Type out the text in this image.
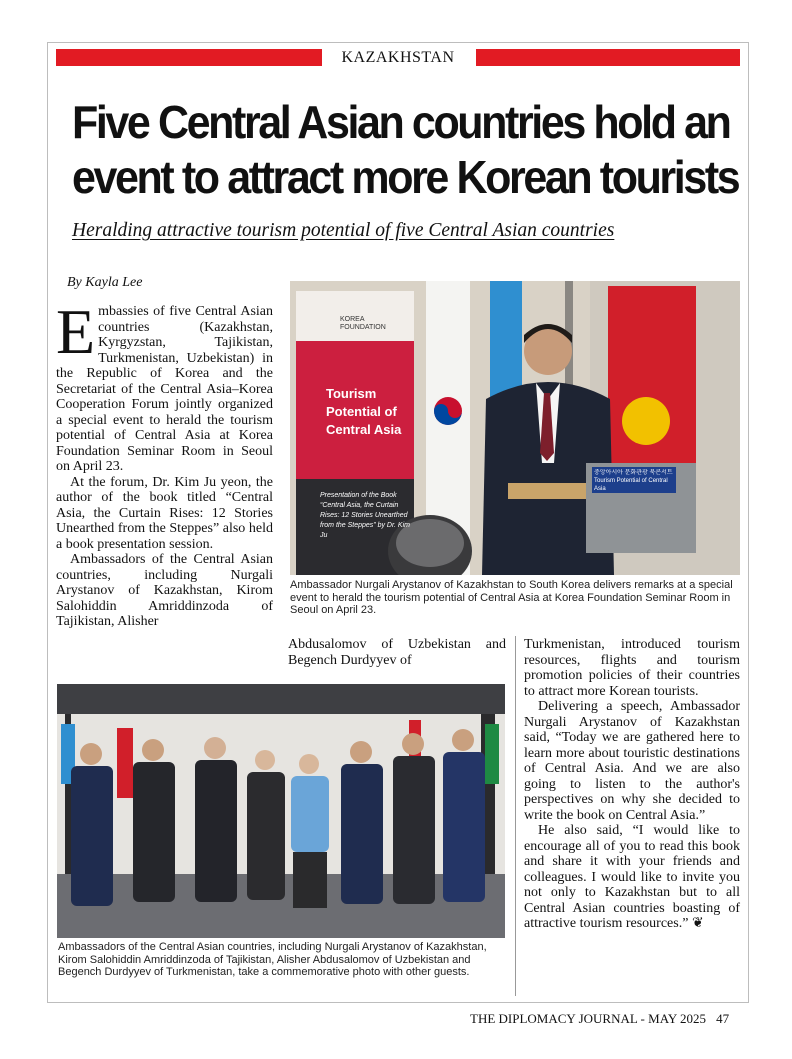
KAZAKHSTAN
Five Central Asian countries hold an event to attract more Korean tourists
Heralding attractive tourism potential of five Central Asian countries
By Kayla Lee

Embassies of five Central Asian countries (Kazakhstan, Kyrgyzstan, Tajikistan, Turkmenistan, Uzbekistan) in the Republic of Korea and the Secretariat of the Central Asia–Korea Cooperation Forum jointly organized a special event to herald the tourism potential of Central Asia at Korea Foundation Seminar Room in Seoul on April 23.

At the forum, Dr. Kim Ju yeon, the author of the book titled “Central Asia, the Curtain Rises: 12 Stories Unearthed from the Steppes” also held a book presentation session.

Ambassadors of the Central Asian countries, including Nurgali Arystanov of Kazakhstan, Kirom Salohiddin Amriddinzoda of Tajikistan, Alisher

Abdusalomov of Uzbekistan and Begench Durdyyev of

Turkmenistan, introduced tourism resources, flights and tourism promotion policies of their countries to attract more Korean tourists.

Delivering a speech, Ambassador Nurgali Arystanov of Kazakhstan said, “Today we are gathered here to learn more about touristic destinations of Central Asia. And we are also going to listen to the author's perspectives on why she decided to write the book on Central Asia.”

He also said, “I would like to encourage all of you to read this book and share it with your friends and colleagues. I would like to invite you not only to Kazakhstan but to all Central Asian countries boasting of attractive tourism resources.” ❦

KOREA FOUNDATION
Tourism Potential of Central Asia
Presentation of the Book “Central Asia, the Curtain Rises: 12 Stories Unearthed from the Steppes” by Dr. Kim Ju
중앙아시아 문화관광 북콘서트 Tourism Potential of Central Asia
Ambassador Nurgali Arystanov of Kazakhstan to South Korea delivers remarks at a special event to herald the tourism potential of Central Asia at Korea Foundation Seminar Room in Seoul on April 23.
Ambassadors of the Central Asian countries, including Nurgali Arystanov of Kazakhstan, Kirom Salohiddin Amriddinzoda of Tajikistan, Alisher Abdusalomov of Uzbekistan and Begench Durdyyev of Turkmenistan, take a commemorative photo with other guests.
THE DIPLOMACY JOURNAL - MAY 2025 47
